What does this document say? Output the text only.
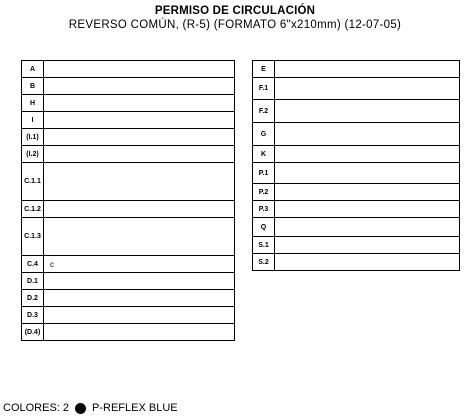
PERMISO DE CIRCULACIÓN
REVERSO COMÚN, (R-5) (FORMATO 6"x210mm) (12-07-05)
A	
B	
H	
I	
(I.1)	
(I.2)	
C.1.1	
C.1.2	
C.1.3	
C.4	c
D.1	
D.2	
D.3	
(D.4)	
E	
F.1	
F.2	
G	
K	
P.1	
P.2	
P.3	
Q	
S.1	
S.2	
COLORES: 2 P-REFLEX BLUE
